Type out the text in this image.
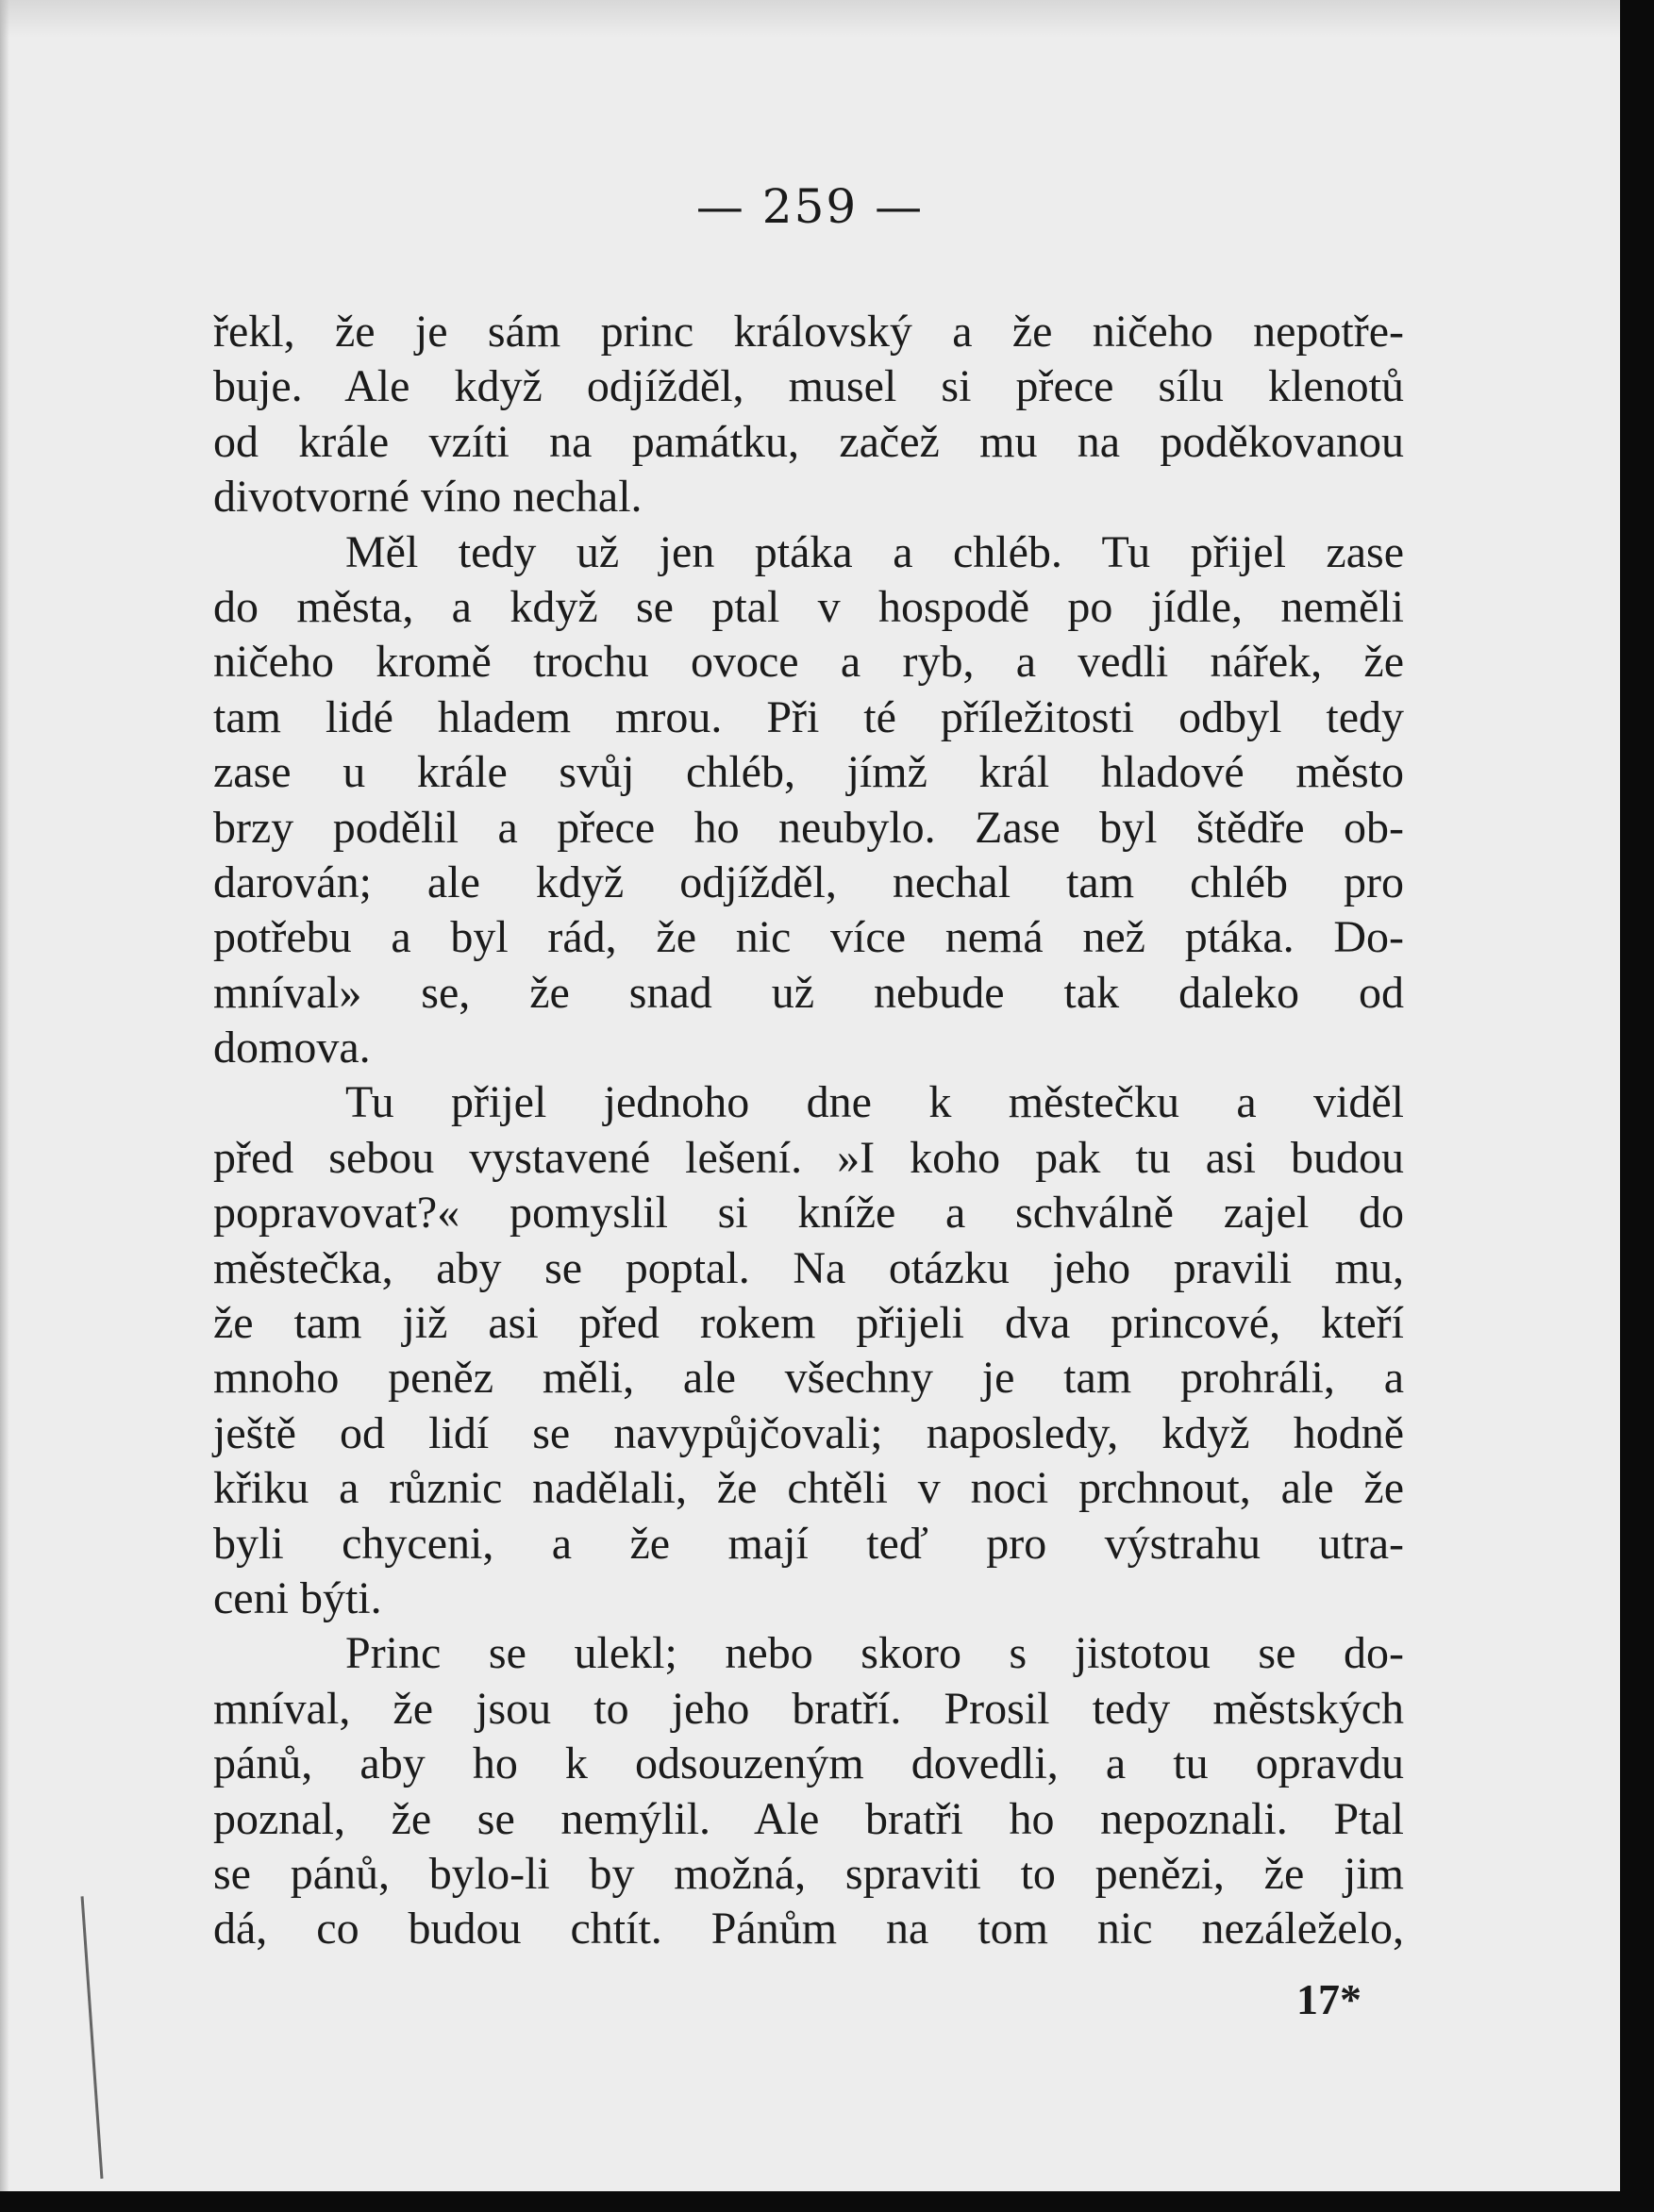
— 259 —
řekl, že je sám princ královský a že ničeho nepotře-
buje. Ale když odjížděl, musel si přece sílu klenotů
od krále vzíti na památku, začež mu na poděkovanou
divotvorné víno nechal.
Měl tedy už jen ptáka a chléb. Tu přijel zase
do města, a když se ptal v hospodě po jídle, neměli
ničeho kromě trochu ovoce a ryb, a vedli nářek, že
tam lidé hladem mrou. Při té příležitosti odbyl tedy
zase u krále svůj chléb, jímž král hladové město
brzy podělil a přece ho neubylo. Zase byl štědře ob-
darován; ale když odjížděl, nechal tam chléb pro
potřebu a byl rád, že nic více nemá než ptáka. Do-
mníval» se, že snad už nebude tak daleko od
domova.
Tu přijel jednoho dne k městečku a viděl
před sebou vystavené lešení. »I koho pak tu asi budou
popravovat?« pomyslil si kníže a schválně zajel do
městečka, aby se poptal. Na otázku jeho pravili mu,
že tam již asi před rokem přijeli dva princové, kteří
mnoho peněz měli, ale všechny je tam prohráli, a
ještě od lidí se navypůjčovali; naposledy, když hodně
křiku a různic nadělali, že chtěli v noci prchnout, ale že
byli chyceni, a že mají teď pro výstrahu utra-
ceni býti.
Princ se ulekl; nebo skoro s jistotou se do-
mníval, že jsou to jeho bratří. Prosil tedy městských
pánů, aby ho k odsouzeným dovedli, a tu opravdu
poznal, že se nemýlil. Ale bratři ho nepoznali. Ptal
se pánů, bylo-li by možná, spraviti to penězi, že jim
dá, co budou chtít. Pánům na tom nic nezáleželo,
17*
